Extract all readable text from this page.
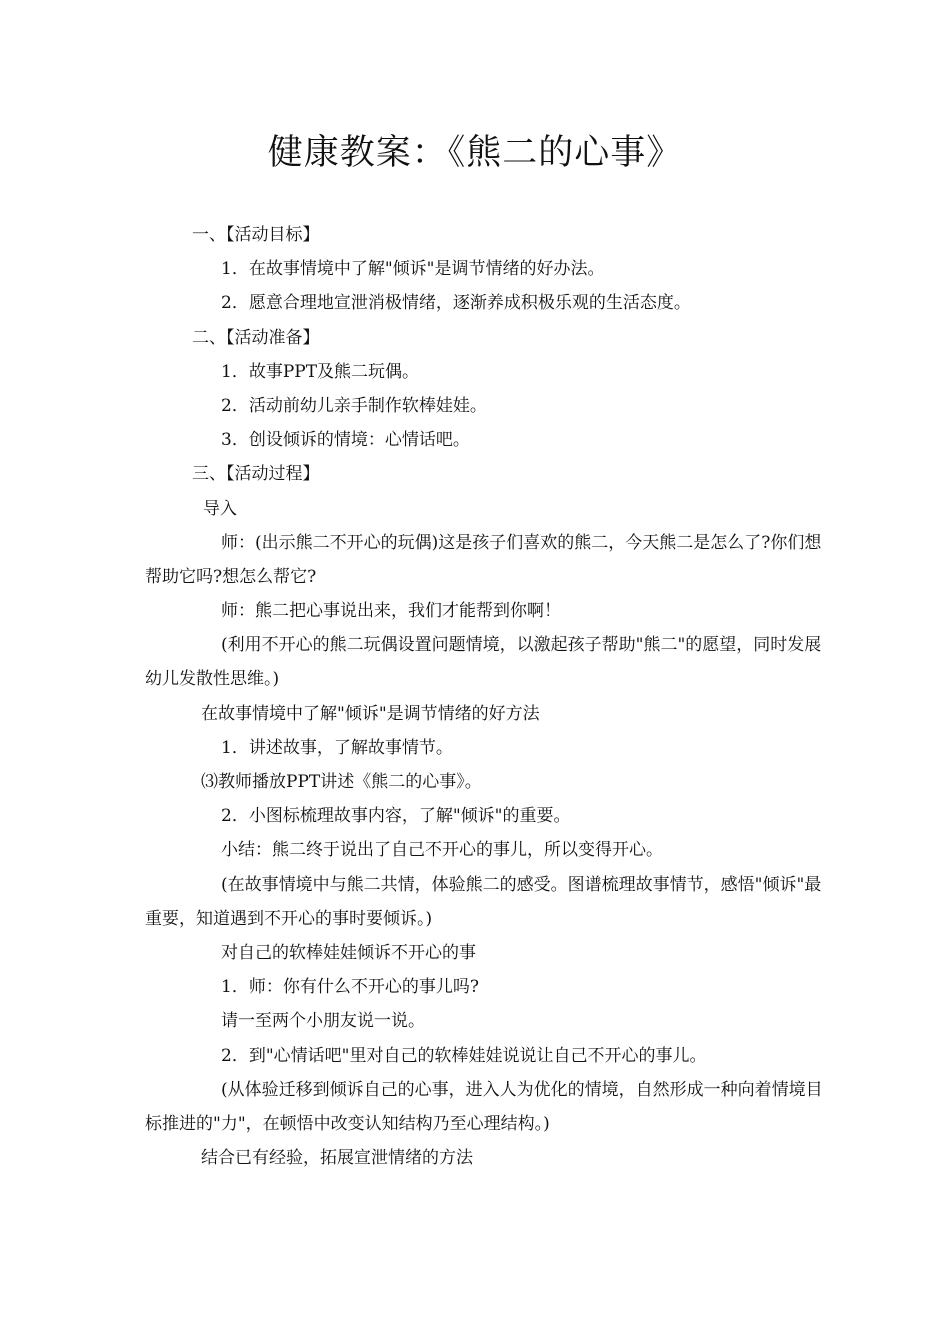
健康教案：《熊二的心事》

一、【活动目标】

1．在故事情境中了解"倾诉"是调节情绪的好办法。

2．愿意合理地宣泄消极情绪，逐渐养成积极乐观的生活态度。

二、【活动准备】

1．故事PPT及熊二玩偶。

2．活动前幼儿亲手制作软棒娃娃。

3．创设倾诉的情境：心情话吧。

三、【活动过程】

导入

师：(出示熊二不开心的玩偶)这是孩子们喜欢的熊二，今天熊二是怎么了?你们想帮助它吗?想怎么帮它?

师：熊二把心事说出来，我们才能帮到你啊！

(利用不开心的熊二玩偶设置问题情境，以激起孩子帮助"熊二"的愿望，同时发展幼儿发散性思维。)

在故事情境中了解"倾诉"是调节情绪的好方法

1．讲述故事，了解故事情节。

⑶教师播放PPT讲述《熊二的心事》。

2．小图标梳理故事内容，了解"倾诉"的重要。

小结：熊二终于说出了自己不开心的事儿，所以变得开心。

(在故事情境中与熊二共情，体验熊二的感受。图谱梳理故事情节，感悟"倾诉"最重要，知道遇到不开心的事时要倾诉。)

对自己的软棒娃娃倾诉不开心的事

1．师：你有什么不开心的事儿吗?

请一至两个小朋友说一说。

2．到"心情话吧"里对自己的软棒娃娃说说让自己不开心的事儿。

(从体验迁移到倾诉自己的心事，进入人为优化的情境，自然形成一种向着情境目标推进的"力"，在顿悟中改变认知结构乃至心理结构。)

结合已有经验，拓展宣泄情绪的方法
